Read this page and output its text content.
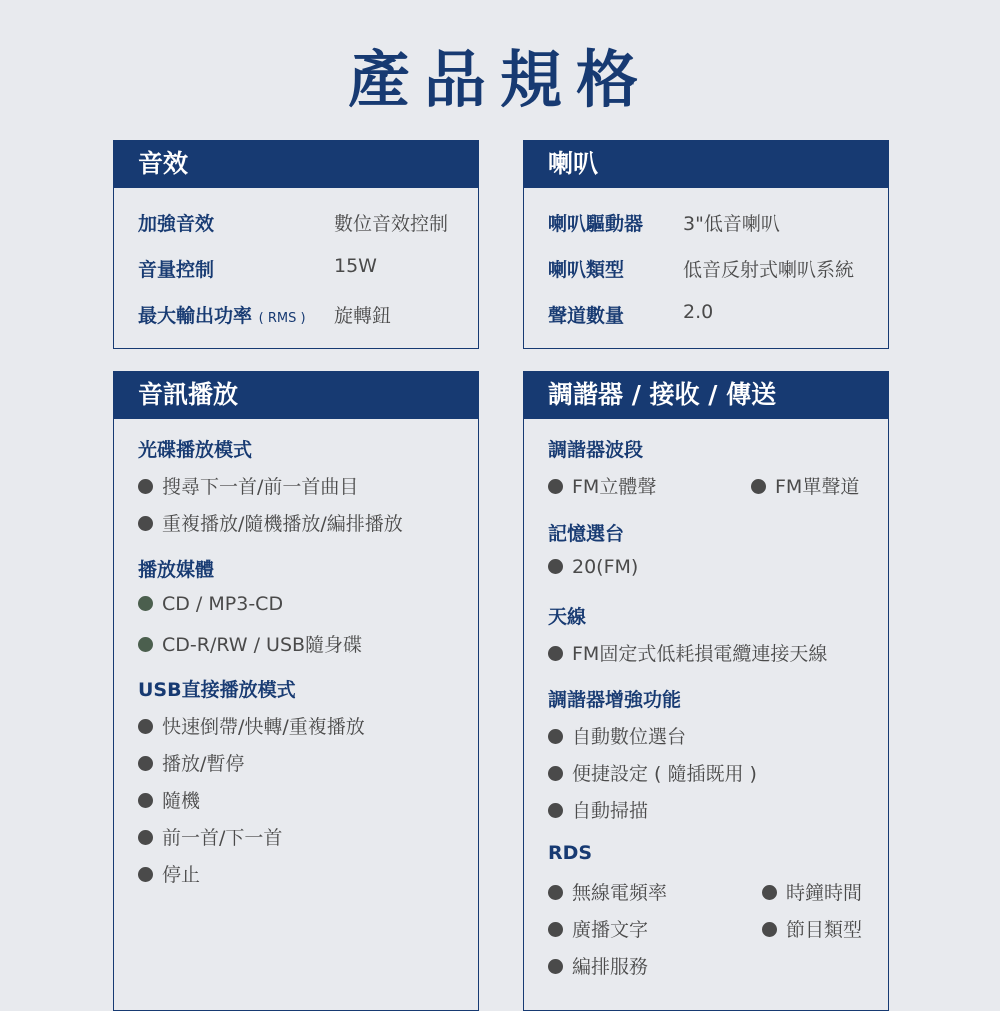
產品規格
音效
加強音效	數位音效控制
音量控制	15W
最大輸出功率 ( RMS ) 旋轉鈕
喇叭
喇叭驅動器 3"低音喇叭
喇叭類型	低音反射式喇叭系統
聲道數量	2.0
音訊播放
光碟播放模式
搜尋下一首/前一首曲目
重複播放/隨機播放/編排播放
播放媒體
CD / MP3-CD
CD-R/RW / USB隨身碟
USB直接播放模式
快速倒帶/快轉/重複播放
播放/暫停
隨機
前一首/下一首
停止
調諧器 / 接收 / 傳送
調諧器波段
FM立體聲	FM單聲道
記憶選台
20(FM)
天線
FM固定式低耗損電纜連接天線
調諧器增強功能
自動數位選台
便捷設定 ( 隨插既用 )
自動掃描
RDS
無線電頻率	時鐘時間
廣播文字	節目類型
編排服務
